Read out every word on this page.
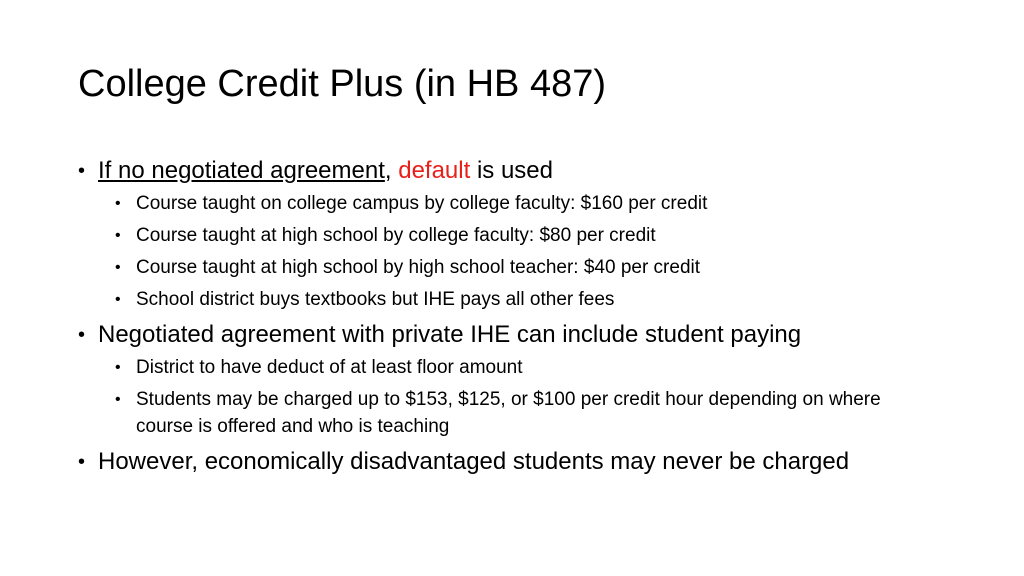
College Credit Plus (in HB 487)
• If no negotiated agreement, default is used
• Course taught on college campus by college faculty: $160 per credit
• Course taught at high school by college faculty: $80 per credit
• Course taught at high school by high school teacher: $40 per credit
• School district buys textbooks but IHE pays all other fees
• Negotiated agreement with private IHE can include student paying
• District to have deduct of at least floor amount
• Students may be charged up to $153, $125, or $100 per credit hour depending on where course is offered and who is teaching
• However, economically disadvantaged students may never be charged
